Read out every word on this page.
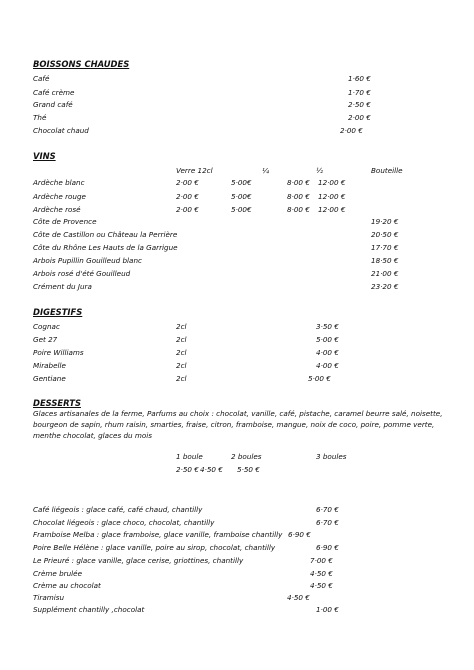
BOISSONS CHAUDES
Café	1·60 €
Café crème	1·70 €
Grand café	2·50 €
Thé	2·00 €
Chocolat chaud	2·00 €
VINS
Verre 12cl	¼	½	Bouteille
Ardèche blanc	2·00 €	5·00€	8·00 € 12·00 €
Ardèche rouge	2·00 €	5·00€	8·00 € 12·00 €
Ardèche rosé	2·00 €	5·00€	8·00 € 12·00 €
Côte de Provence	19·20 €
Côte de Castillon ou Château la Perrière	20·50 €
Côte du Rhône Les Hauts de la Garrigue	17·70 €
Arbois Pupillin Gouilleud blanc	18·50 €
Arbois rosé d'été Gouilleud	21·00 €
Crément du Jura	23·20 €
DIGESTIFS
Cognac	2cl	3·50 €
Get 27	2cl	5·00 €
Poire Williams	2cl	4·00 €
Mirabelle	2cl	4·00 €
Gentiane	2cl	5·00 €
DESSERTS
Glaces artisanales de la ferme, Parfums au choix : chocolat, vanille, café, pistache, caramel beurre salé, noisette, bourgeon de sapin, rhum raisin, smarties, fraise, citron, framboise, mangue, noix de coco, poire, pomme verte, menthe chocolat, glaces du mois
1 boule	2 boules	3 boules
2·50 € 4·50 € 5·50 €
Café liégeois : glace café, café chaud, chantilly	6·70 €
Chocolat liégeois : glace choco, chocolat, chantilly	6·70 €
Framboise Melba : glace framboise, glace vanille, framboise chantilly 6·90 €
Poire Belle Hélène : glace vanille, poire au sirop, chocolat, chantilly	6·90 €
Le Prieuré : glace vanille, glace cerise, griottines, chantilly	7·00 €
Crème brulée	4·50 €
Crème au chocolat	4·50 €
Tiramisu	4·50 €
Supplément chantilly ,chocolat	1·00 €
